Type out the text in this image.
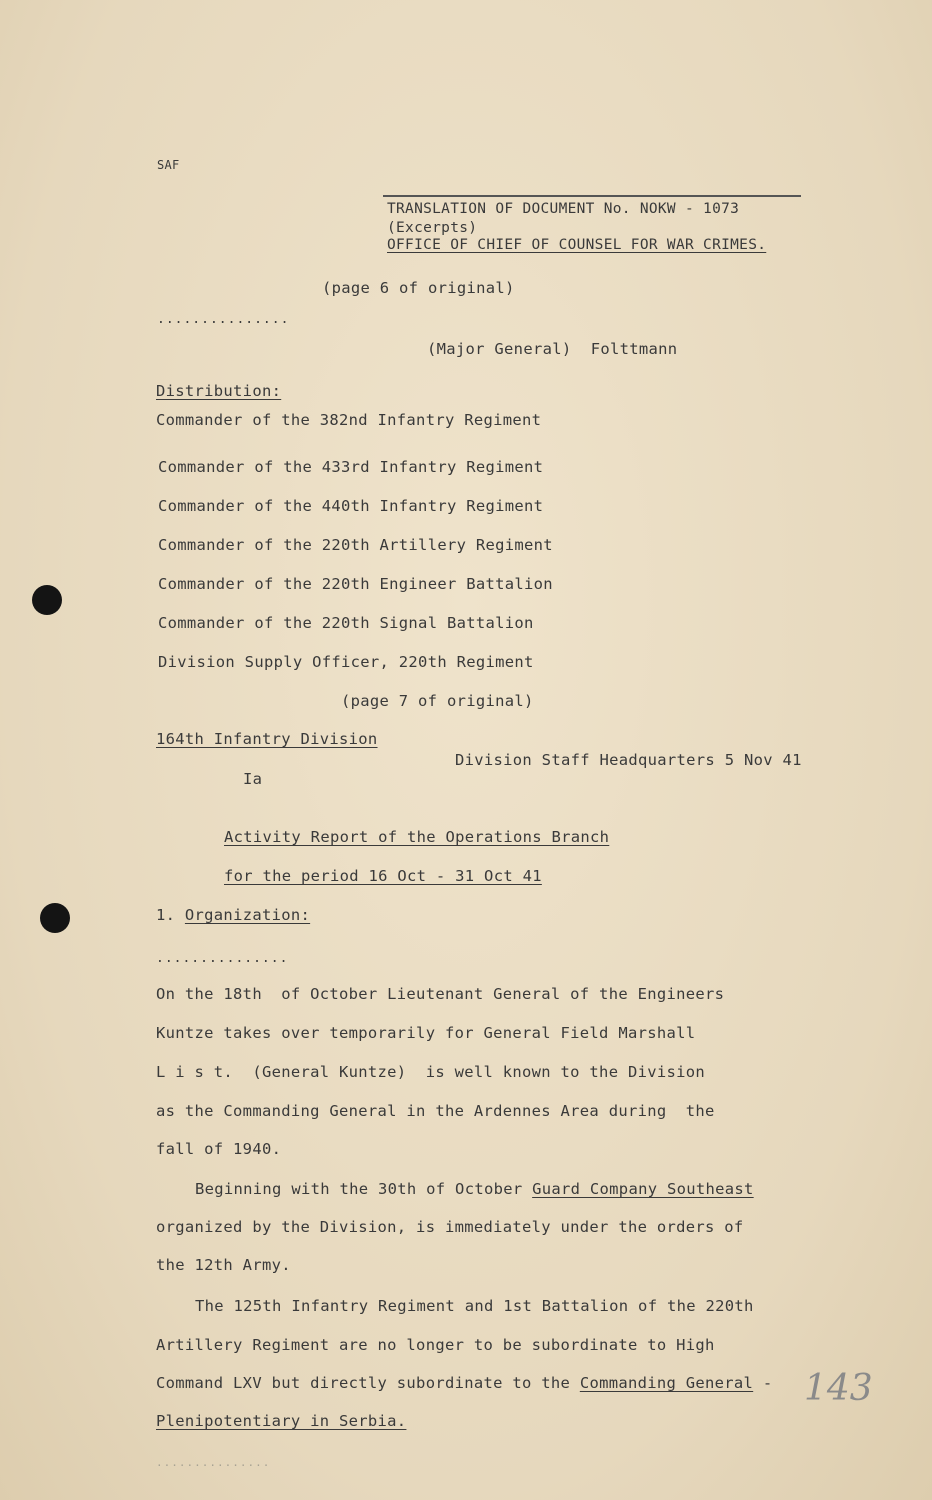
SAF
TRANSLATION OF DOCUMENT No. NOKW - 1073
(Excerpts)
OFFICE OF CHIEF OF COUNSEL FOR WAR CRIMES.
(page 6 of original)
...............
(Major General)  Folttmann
Distribution:
Commander of the 382nd Infantry Regiment
Commander of the 433rd Infantry Regiment
Commander of the 440th Infantry Regiment
Commander of the 220th Artillery Regiment
Commander of the 220th Engineer Battalion
Commander of the 220th Signal Battalion
Division Supply Officer, 220th Regiment
(page 7 of original)
164th Infantry Division
Division Staff Headquarters 5 Nov 41
Ia
Activity Report of the Operations Branch
for the period 16 Oct - 31 Oct 41
1. Organization:
...............
On the 18th  of October Lieutenant General of the Engineers
Kuntze takes over temporarily for General Field Marshall
L i s t.  (General Kuntze)  is well known to the Division
as the Commanding General in the Ardennes Area during  the
fall of 1940.
Beginning with the 30th of October Guard Company Southeast
organized by the Division, is immediately under the orders of
the 12th Army.
The 125th Infantry Regiment and 1st Battalion of the 220th
Artillery Regiment are no longer to be subordinate to High
Command LXV but directly subordinate to the Commanding General -
Plenipotentiary in Serbia.
...............
143
